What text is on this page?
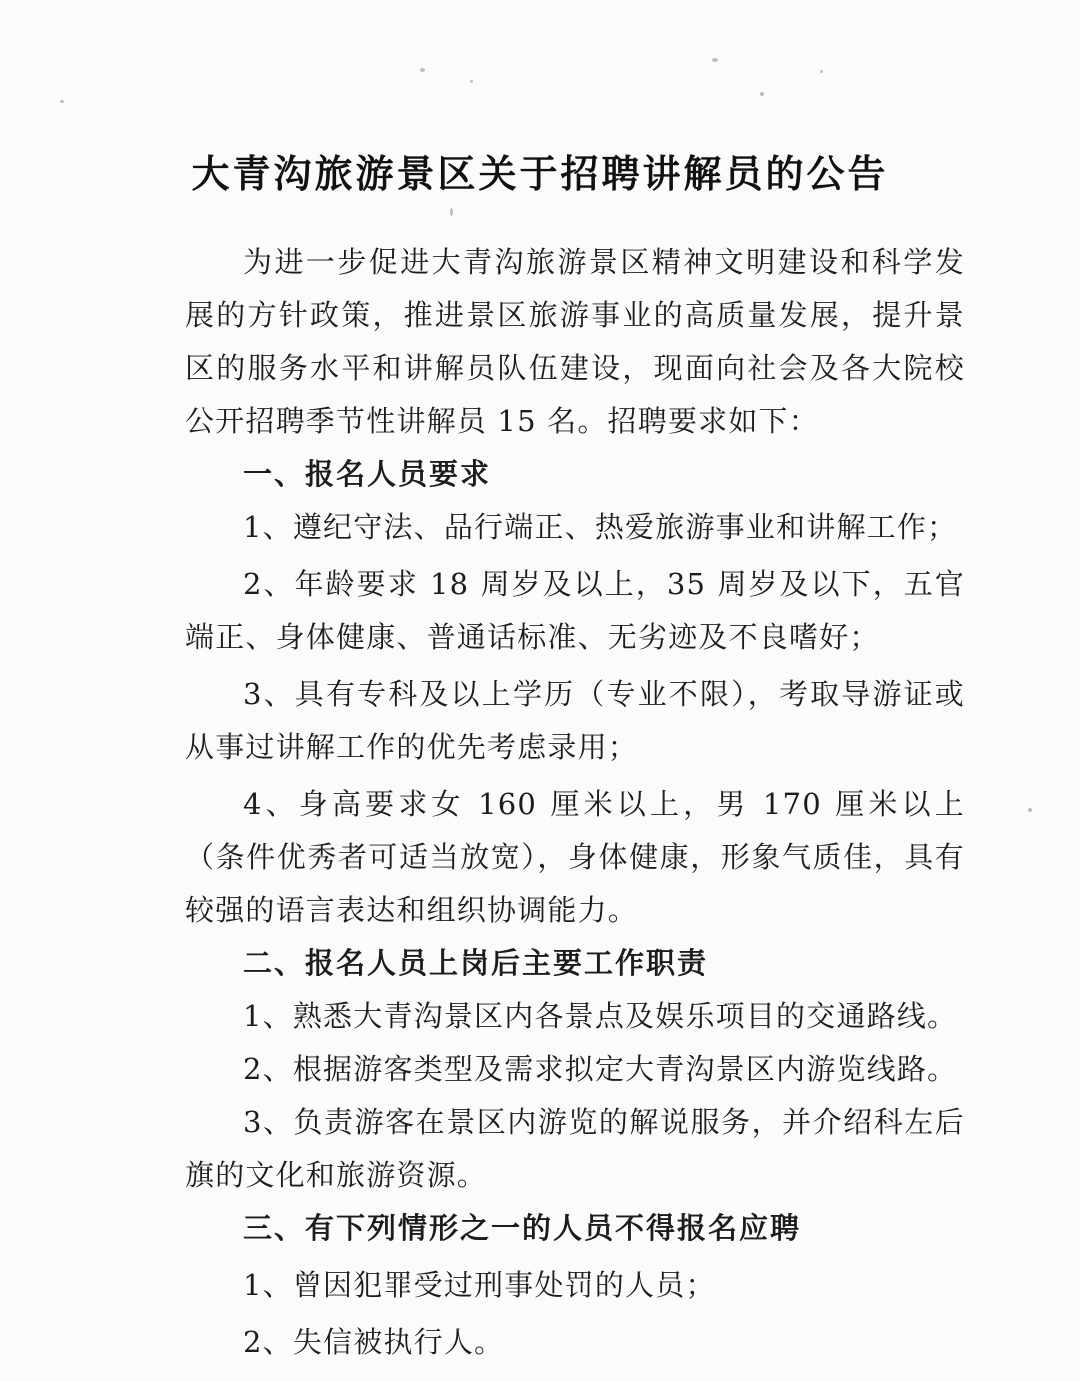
大青沟旅游景区关于招聘讲解员的公告

为进一步促进大青沟旅游景区精神文明建设和科学发展的方针政策，推进景区旅游事业的高质量发展，提升景区的服务水平和讲解员队伍建设，现面向社会及各大院校公开招聘季节性讲解员 15 名。招聘要求如下：

一、报名人员要求

1、遵纪守法、品行端正、热爱旅游事业和讲解工作；

2、年龄要求 18 周岁及以上，35 周岁及以下，五官端正、身体健康、普通话标准、无劣迹及不良嗜好；

3、具有专科及以上学历（专业不限），考取导游证或从事过讲解工作的优先考虑录用；

4、身高要求女 160 厘米以上，男 170 厘米以上（条件优秀者可适当放宽），身体健康，形象气质佳，具有较强的语言表达和组织协调能力。

二、报名人员上岗后主要工作职责

1、熟悉大青沟景区内各景点及娱乐项目的交通路线。

2、根据游客类型及需求拟定大青沟景区内游览线路。

3、负责游客在景区内游览的解说服务，并介绍科左后旗的文化和旅游资源。

三、有下列情形之一的人员不得报名应聘

1、曾因犯罪受过刑事处罚的人员；

2、失信被执行人。
